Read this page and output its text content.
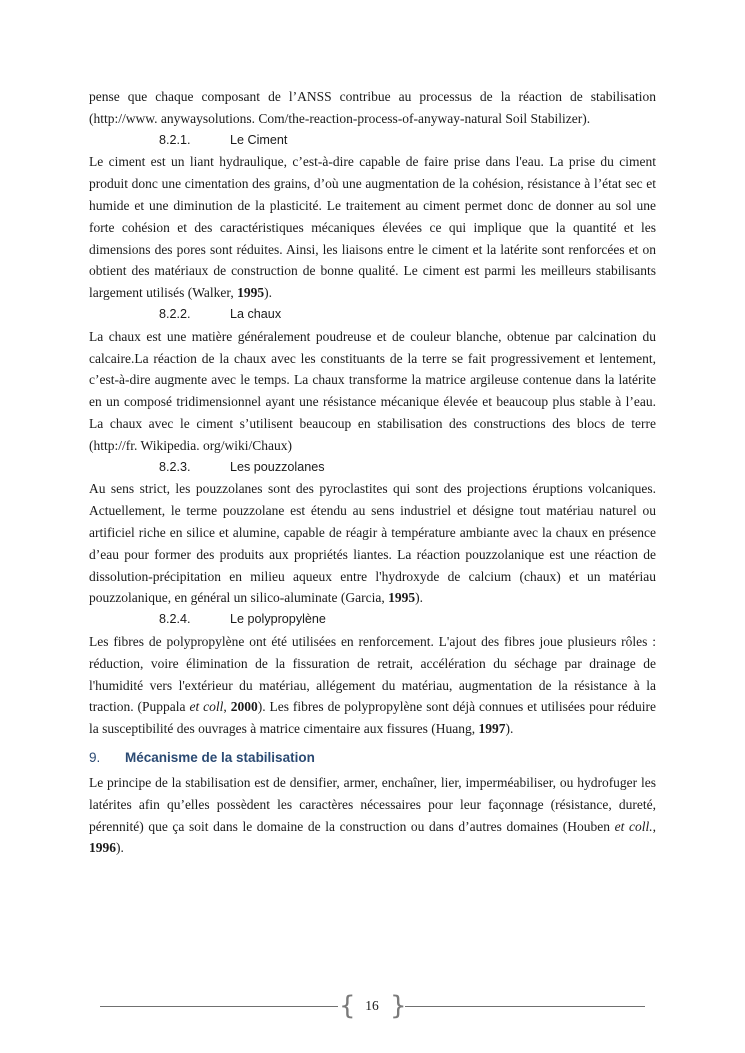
pense que chaque composant de l’ANSS contribue au processus de la réaction de stabilisation (http://www. anywaysolutions. Com/the-reaction-process-of-anyway-natural Soil Stabilizer).

8.2.1.	Le Ciment

Le ciment est un liant hydraulique, c’est-à-dire capable de faire prise dans l'eau. La prise du ciment produit donc une cimentation des grains, d’où une augmentation de la cohésion, résistance à l’état sec et humide et une diminution de la plasticité. Le traitement au ciment permet donc de donner au sol une forte cohésion et des caractéristiques mécaniques élevées ce qui implique que la quantité et les dimensions des pores sont réduites. Ainsi, les liaisons entre le ciment et la latérite sont renforcées et on obtient des matériaux de construction de bonne qualité. Le ciment est parmi les meilleurs stabilisants largement utilisés (Walker, 1995).

8.2.2.	La chaux

La chaux est une matière généralement poudreuse et de couleur blanche, obtenue par calcination du calcaire.La réaction de la chaux avec les constituants de la terre se fait progressivement et lentement, c’est-à-dire augmente avec le temps. La chaux transforme la matrice argileuse contenue dans la latérite en un composé tridimensionnel ayant une résistance mécanique élevée et beaucoup plus stable à l’eau. La chaux avec le ciment s’utilisent beaucoup en stabilisation des constructions des blocs de terre (http://fr. Wikipedia. org/wiki/Chaux)

8.2.3.	Les pouzzolanes

Au sens strict, les pouzzolanes sont des pyroclastites qui sont des projections éruptions volcaniques. Actuellement, le terme pouzzolane est étendu au sens industriel et désigne tout matériau naturel ou artificiel riche en silice et alumine, capable de réagir à température ambiante avec la chaux en présence d’eau pour former des produits aux propriétés liantes. La réaction pouzzolanique est une réaction de dissolution-précipitation en milieu aqueux entre l'hydroxyde de calcium (chaux) et un matériau pouzzolanique, en général un silico-aluminate (Garcia, 1995).

8.2.4.	Le polypropylène

Les fibres de polypropylène ont été utilisées en renforcement. L'ajout des fibres joue plusieurs rôles : réduction, voire élimination de la fissuration de retrait, accélération du séchage par drainage de l'humidité vers l'extérieur du matériau, allégement du matériau, augmentation de la résistance à la traction. (Puppala et coll, 2000). Les fibres de polypropylène sont déjà connues et utilisées pour réduire la susceptibilité des ouvrages à matrice cimentaire aux fissures (Huang, 1997).

9. Mécanisme de la stabilisation

Le principe de la stabilisation est de densifier, armer, enchaîner, lier, imperméabiliser, ou hydrofuger les latérites afin qu’elles possèdent les caractères nécessaires pour leur façonnage (résistance, dureté, pérennité) que ça soit dans le domaine de la construction ou dans d’autres domaines (Houben et coll., 1996).

{ }
16
